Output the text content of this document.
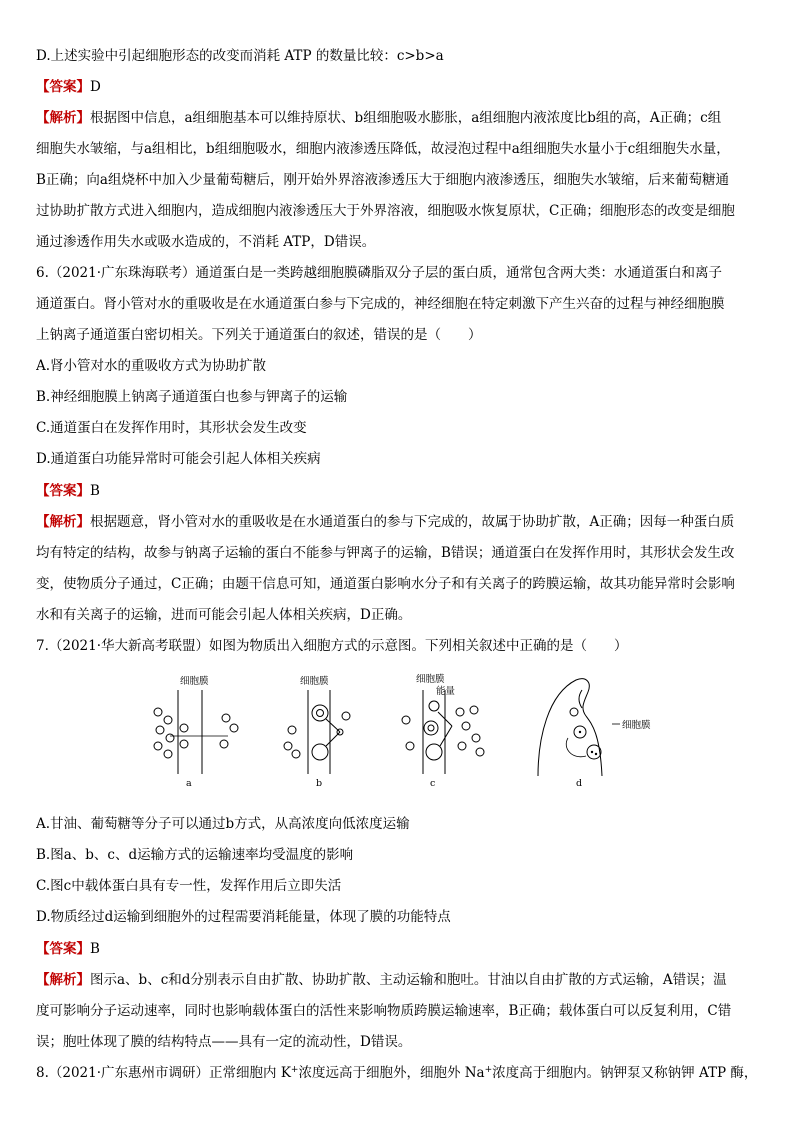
D.上述实验中引起细胞形态的改变而消耗 ATP 的数量比较：c>b>a
【答案】D
【解析】根据图中信息，a组细胞基本可以维持原状、b组细胞吸水膨胀，a组细胞内液浓度比b组的高，A正确；c组
细胞失水皱缩，与a组相比，b组细胞吸水，细胞内液渗透压降低，故浸泡过程中a组细胞失水量小于c组细胞失水量，
B正确；向a组烧杯中加入少量葡萄糖后，刚开始外界溶液渗透压大于细胞内液渗透压，细胞失水皱缩，后来葡萄糖通
过协助扩散方式进入细胞内，造成细胞内液渗透压大于外界溶液，细胞吸水恢复原状，C正确；细胞形态的改变是细胞
通过渗透作用失水或吸水造成的，不消耗 ATP，D错误。
6.（2021·广东珠海联考）通道蛋白是一类跨越细胞膜磷脂双分子层的蛋白质，通常包含两大类：水通道蛋白和离子
通道蛋白。肾小管对水的重吸收是在水通道蛋白参与下完成的，神经细胞在特定刺激下产生兴奋的过程与神经细胞膜
上钠离子通道蛋白密切相关。下列关于通道蛋白的叙述，错误的是（　　）
A.肾小管对水的重吸收方式为协助扩散
B.神经细胞膜上钠离子通道蛋白也参与钾离子的运输
C.通道蛋白在发挥作用时，其形状会发生改变
D.通道蛋白功能异常时可能会引起人体相关疾病
【答案】B
【解析】根据题意，肾小管对水的重吸收是在水通道蛋白的参与下完成的，故属于协助扩散，A正确；因每一种蛋白质
均有特定的结构，故参与钠离子运输的蛋白不能参与钾离子的运输，B错误；通道蛋白在发挥作用时，其形状会发生改
变，使物质分子通过，C正确；由题干信息可知，通道蛋白影响水分子和有关离子的跨膜运输，故其功能异常时会影响
水和有关离子的运输，进而可能会引起人体相关疾病，D正确。
7.（2021·华大新高考联盟）如图为物质出入细胞方式的示意图。下列相关叙述中正确的是（　　）
细胞膜	细胞膜	细胞膜
能量
细胞膜
a	b	c	d
A.甘油、葡萄糖等分子可以通过b方式，从高浓度向低浓度运输
B.图a、b、c、d运输方式的运输速率均受温度的影响
C.图c中载体蛋白具有专一性，发挥作用后立即失活
D.物质经过d运输到细胞外的过程需要消耗能量，体现了膜的功能特点
【答案】B
【解析】图示a、b、c和d分别表示自由扩散、协助扩散、主动运输和胞吐。甘油以自由扩散的方式运输，A错误；温
度可影响分子运动速率，同时也影响载体蛋白的活性来影响物质跨膜运输速率，B正确；载体蛋白可以反复利用，C错
误；胞吐体现了膜的结构特点——具有一定的流动性，D错误。
8.（2021·广东惠州市调研）正常细胞内 K+浓度远高于细胞外，细胞外 Na+浓度高于细胞内。钠钾泵又称钠钾 ATP 酶，
